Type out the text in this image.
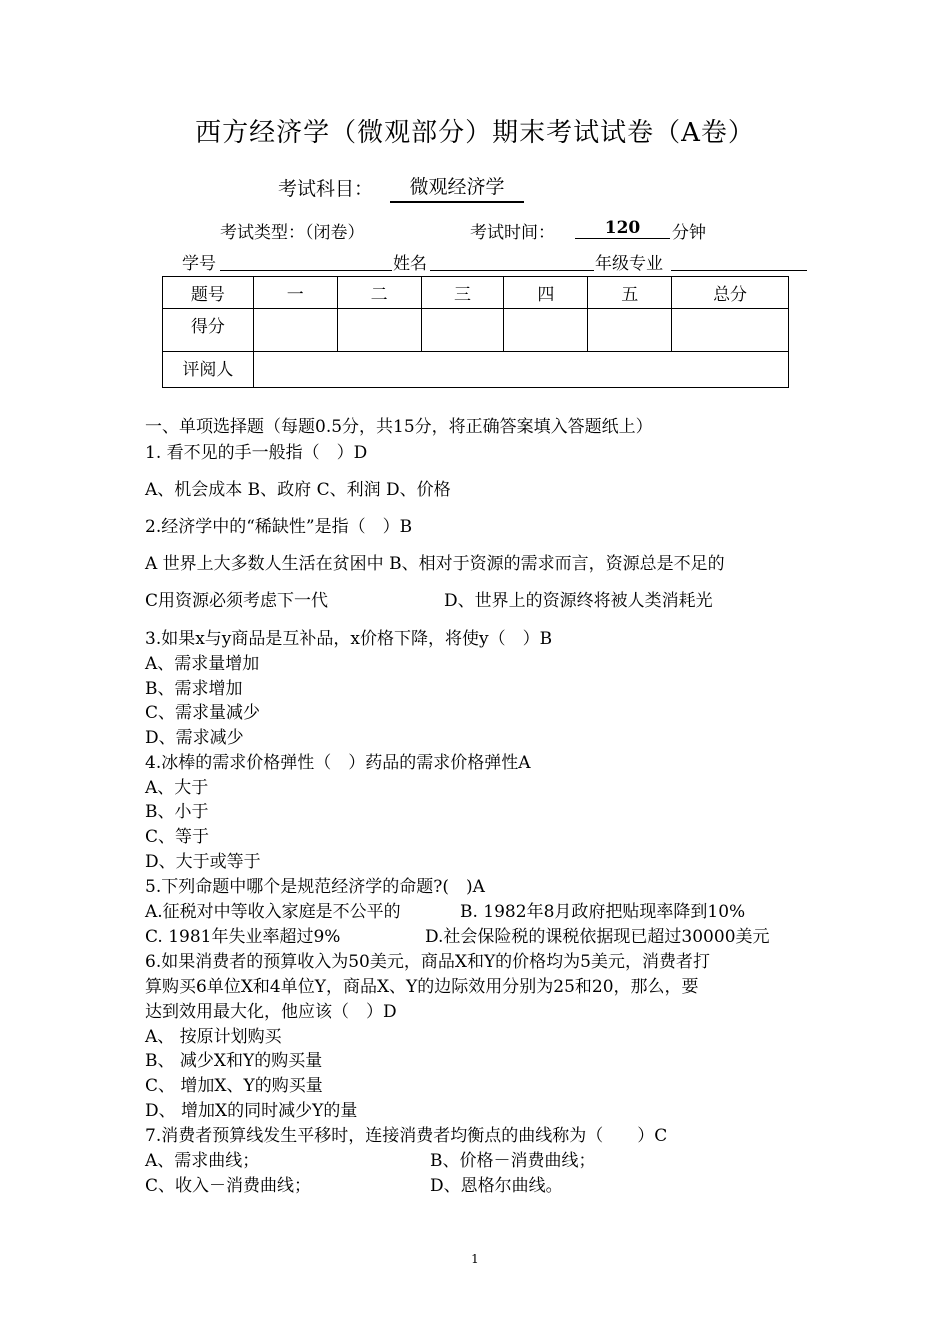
西方经济学（微观部分）期末考试试卷（A卷）
考试科目：	微观经济学
考试类型：（闭卷）	考试时间：	120	分钟
学号	姓名	年级专业
题号	一	二	三	四	五	总分
得分						
评阅人						
一、单项选择题（每题0.5分，共15分，将正确答案填入答题纸上）
1. 看不见的手一般指（　）D
A、机会成本 B、政府 C、利润 D、价格
2.经济学中的“稀缺性”是指（　）B
A 世界上大多数人生活在贫困中 B、相对于资源的需求而言，资源总是不足的
C用资源必须考虑下一代	D、世界上的资源终将被人类消耗光
3.如果x与y商品是互补品，x价格下降，将使y（　）B
A、需求量增加
B、需求增加
C、需求量减少
D、需求减少
4.冰棒的需求价格弹性（　）药品的需求价格弹性A
A、大于
B、小于
C、等于
D、大于或等于
5.下列命题中哪个是规范经济学的命题?(　)A
A.征税对中等收入家庭是不公平的	B. 1982年8月政府把贴现率降到10%
C. 1981年失业率超过9%	D.社会保险税的课税依据现已超过30000美元
6.如果消费者的预算收入为50美元，商品X和Y的价格均为5美元，消费者打
算购买6单位X和4单位Y，商品X、Y的边际效用分别为25和20，那么，要
达到效用最大化，他应该（　）D
A、 按原计划购买
B、 减少X和Y的购买量
C、 增加X、Y的购买量
D、 增加X的同时减少Y的量
7.消费者预算线发生平移时，连接消费者均衡点的曲线称为（　　）C
A、需求曲线；	B、价格－消费曲线；
C、收入－消费曲线；	D、恩格尔曲线。
1
